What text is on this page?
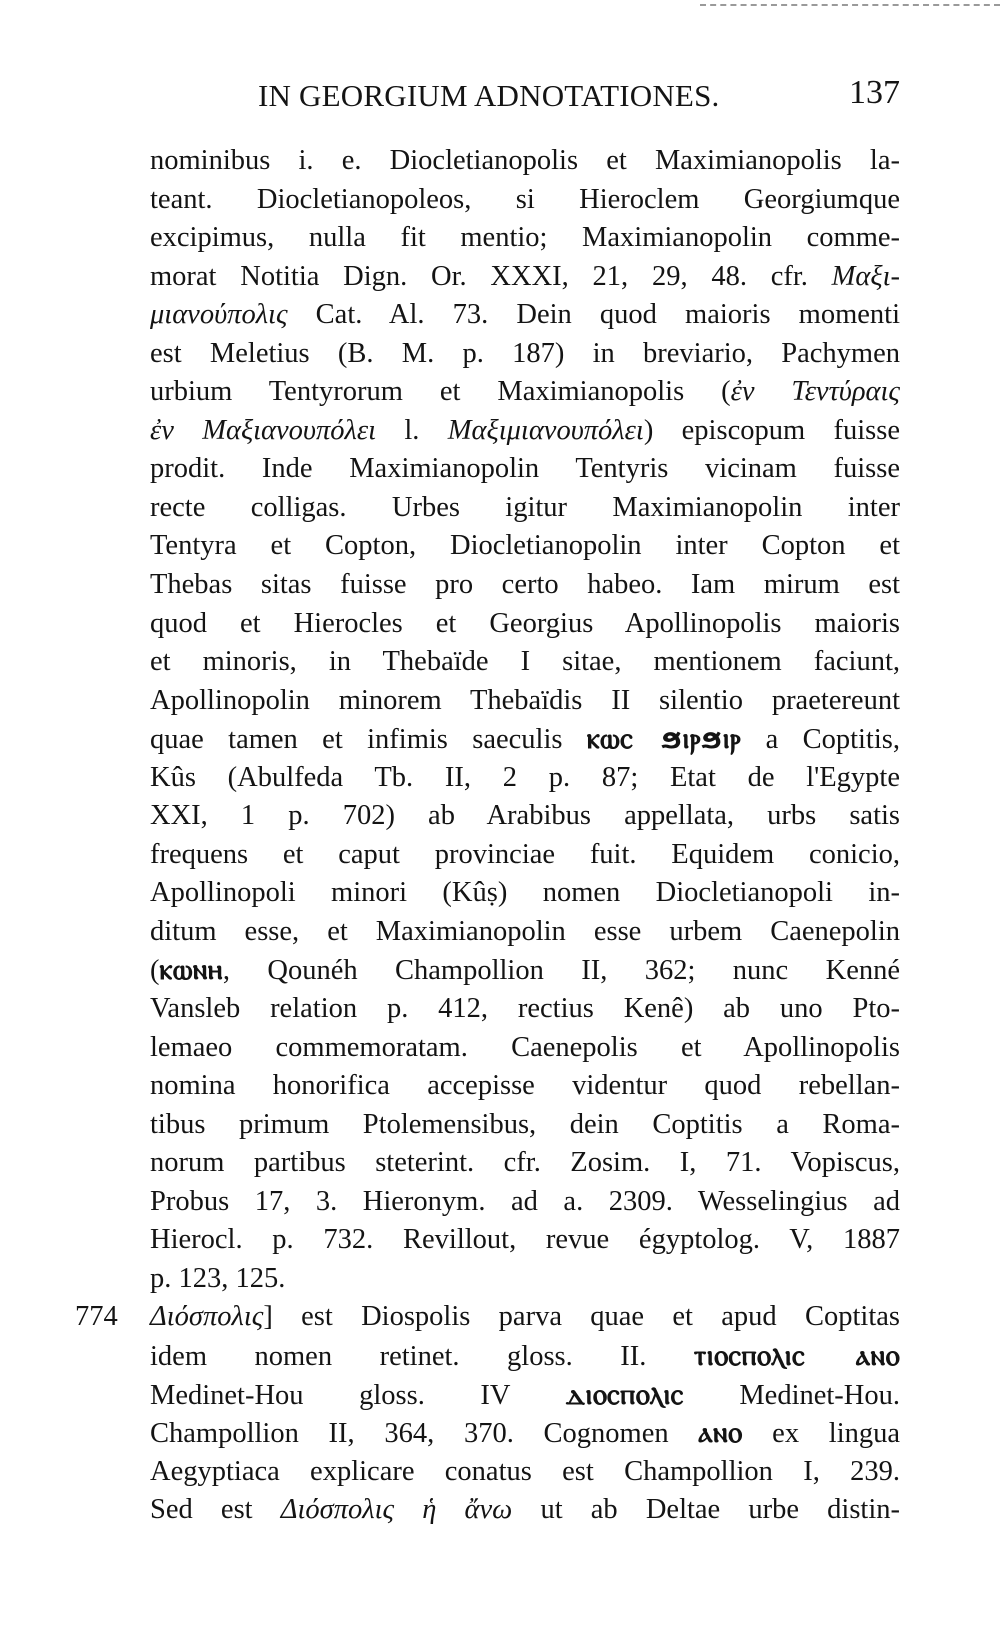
IN GEORGIUM ADNOTATIONES.	137
nominibus i. e. Diocletianopolis et Maximianopolis la-
teant. Diocletianopoleos, si Hieroclem Georgiumque
excipimus, nulla fit mentio; Maximianopolin comme-
morat Notitia Dign. Or. XXXI, 21, 29, 48. cfr. Μαξι-
μιανούπολις Cat. Al. 73. Dein quod maioris momenti
est Meletius (B. M. p. 187) in breviario, Pachymen
urbium Tentyrorum et Maximianopolis (ἐν Τεντύραις
ἐν Μαξιανουπόλει l. Μαξιμιανουπόλει) episcopum fuisse
prodit. Inde Maximianopolin Tentyris vicinam fuisse
recte colligas. Urbes igitur Maximianopolin inter
Tentyra et Copton, Diocletianopolin inter Copton et
Thebas sitas fuisse pro certo habeo. Iam mirum est
quod et Hierocles et Georgius Apollinopolis maioris
et minoris, in Thebaïde I sitae, mentionem faciunt,
Apollinopolin minorem Thebaïdis II silentio praetereunt
quae tamen et infimis saeculis ⲕⲱⲥ ϧⲓⲣϧⲓⲣ a Coptitis,
Kûs (Abulfeda Tb. II, 2 p. 87; Etat de l'Egypte
XXI, 1 p. 702) ab Arabibus appellata, urbs satis
frequens et caput provinciae fuit. Equidem conicio,
Apollinopoli minori (Kûṣ) nomen Diocletianopoli in-
ditum esse, et Maximianopolin esse urbem Caenepolin
(ⲕⲱⲛⲏ, Qounéh Champollion II, 362; nunc Kenné
Vansleb relation p. 412, rectius Kenê) ab uno Pto-
lemaeo commemoratam. Caenepolis et Apollinopolis
nomina honorifica accepisse videntur quod rebellan-
tibus primum Ptolemensibus, dein Coptitis a Roma-
norum partibus steterint. cfr. Zosim. I, 71. Vopiscus,
Probus 17, 3. Hieronym. ad a. 2309. Wesselingius ad
Hierocl. p. 732. Revillout, revue égyptolog. V, 1887
p. 123, 125.
774 Διόσπολις] est Diospolis parva quae et apud Coptitas
idem nomen retinet. gloss. II. ⲧⲓⲟⲥⲡⲟⲗⲓⲥ ⲁⲛⲟ
Medinet-Hou gloss. IV ⲇⲓⲟⲥⲡⲟⲗⲓⲥ Medinet-Hou.
Champollion II, 364, 370. Cognomen ⲁⲛⲟ ex lingua
Aegyptiaca explicare conatus est Champollion I, 239.
Sed est Διόσπολις ἡ ἄνω ut ab Deltae urbe distin-
